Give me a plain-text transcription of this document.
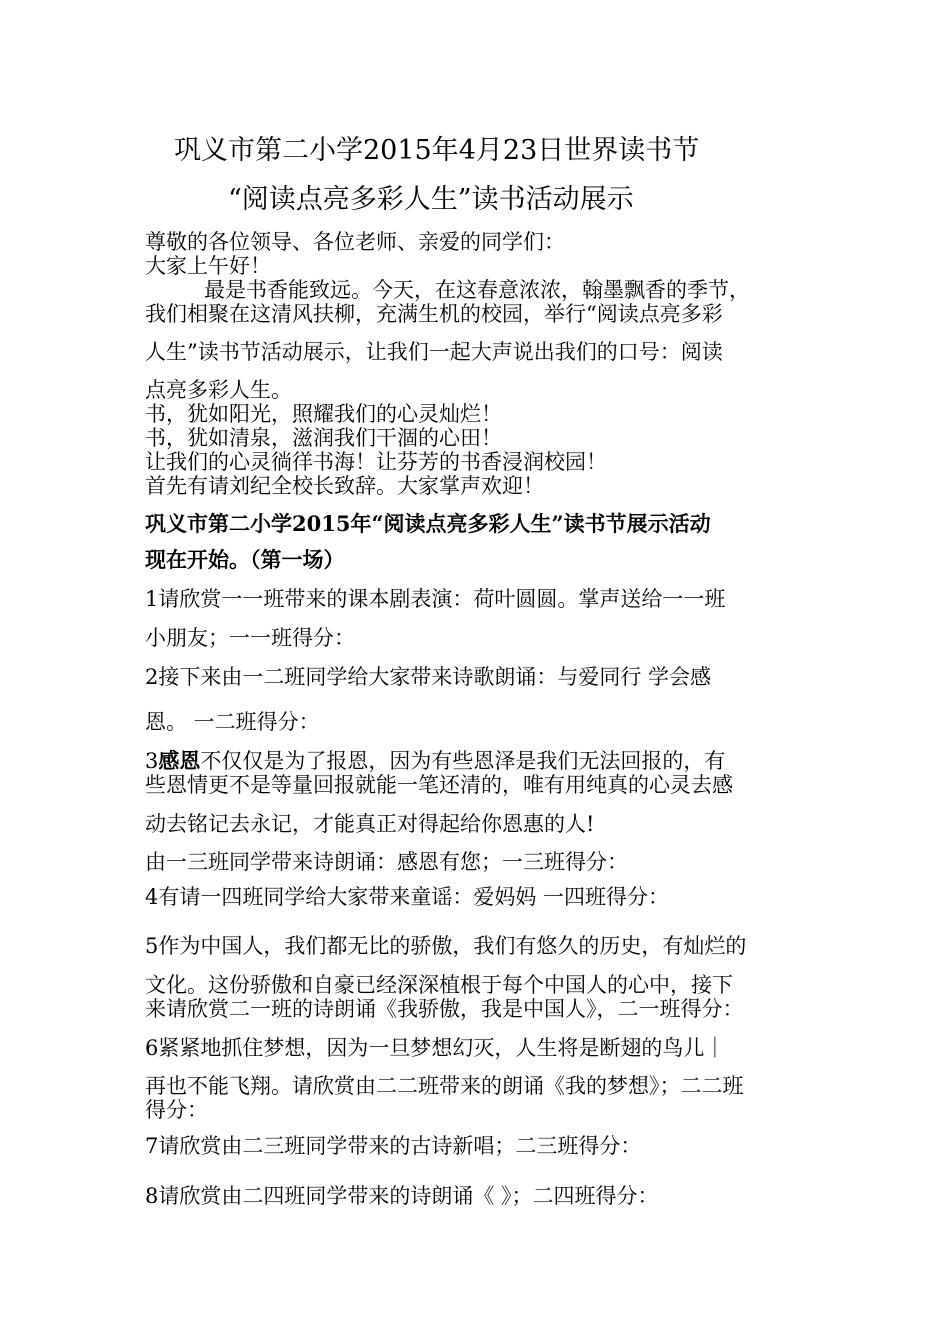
巩义市第二小学2015年4月23日世界读书节
“阅读点亮多彩人生”读书活动展示
尊敬的各位领导、各位老师、亲爱的同学们：
大家上午好！
最是书香能致远。今天，在这春意浓浓，翰墨飘香的季节，
我们相聚在这清风扶柳，充满生机的校园，举行“阅读点亮多彩
人生”读书节活动展示，让我们一起大声说出我们的口号：阅读
点亮多彩人生。
书，犹如阳光，照耀我们的心灵灿烂！
书，犹如清泉，滋润我们干涸的心田！
让我们的心灵徜徉书海！让芬芳的书香浸润校园！
首先有请刘纪全校长致辞。大家掌声欢迎！
巩义市第二小学2015年“阅读点亮多彩人生”读书节展示活动
现在开始。（第一场）
1请欣赏一一班带来的课本剧表演：荷叶圆圆。掌声送给一一班
小朋友；一一班得分：
2接下来由一二班同学给大家带来诗歌朗诵：与爱同行 学会感
恩。 一二班得分：
3感恩不仅仅是为了报恩，因为有些恩泽是我们无法回报的，有
些恩情更不是等量回报就能一笔还清的，唯有用纯真的心灵去感
动去铭记去永记，才能真正对得起给你恩惠的人!
由一三班同学带来诗朗诵：感恩有您；一三班得分：
4有请一四班同学给大家带来童谣：爱妈妈 一四班得分：
5作为中国人，我们都无比的骄傲，我们有悠久的历史，有灿烂的
文化。这份骄傲和自豪已经深深植根于每个中国人的心中，接下
来请欣赏二一班的诗朗诵《我骄傲，我是中国人》，二一班得分：
6紧紧地抓住梦想，因为一旦梦想幻灭，人生将是断翅的鸟儿｜
再也不能飞翔。请欣赏由二二班带来的朗诵《我的梦想》；二二班
得分：
7请欣赏由二三班同学带来的古诗新唱；二三班得分：
8请欣赏由二四班同学带来的诗朗诵《 》；二四班得分：
